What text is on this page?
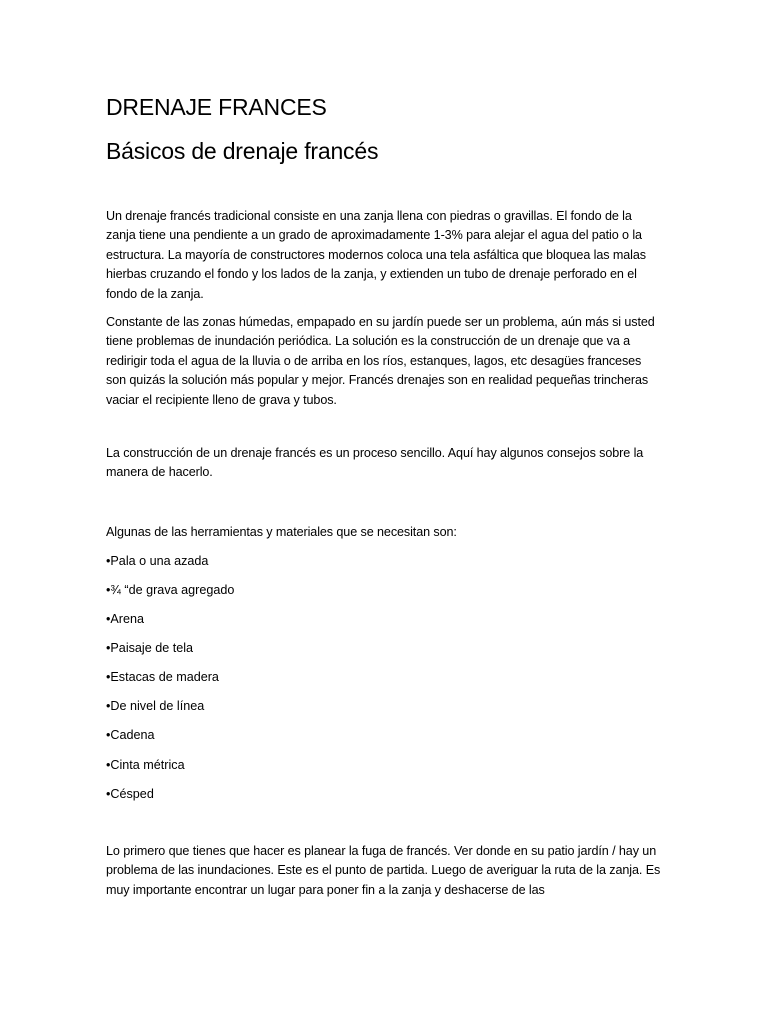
DRENAJE FRANCES
Básicos de drenaje francés

Un drenaje francés tradicional consiste en una zanja llena con piedras o gravillas. El fondo de la zanja tiene una pendiente a un grado de aproximadamente 1-3% para alejar el agua del patio o la estructura. La mayoría de constructores modernos coloca una tela asfáltica que bloquea las malas hierbas cruzando el fondo y los lados de la zanja, y extienden un tubo de drenaje perforado en el fondo de la zanja.

Constante de las zonas húmedas, empapado en su jardín puede ser un problema, aún más si usted tiene problemas de inundación periódica. La solución es la construcción de un drenaje que va a redirigir toda el agua de la lluvia o de arriba en los ríos, estanques, lagos, etc desagües franceses son quizás la solución más popular y mejor. Francés drenajes son en realidad pequeñas trincheras vaciar el recipiente lleno de grava y tubos.

La construcción de un drenaje francés es un proceso sencillo. Aquí hay algunos consejos sobre la manera de hacerlo.

Algunas de las herramientas y materiales que se necesitan son:

•Pala o una azada

•¾ “de grava agregado

•Arena

•Paisaje de tela

•Estacas de madera

•De nivel de línea

•Cadena

•Cinta métrica

•Césped

Lo primero que tienes que hacer es planear la fuga de francés. Ver donde en su patio jardín / hay un problema de las inundaciones. Este es el punto de partida. Luego de averiguar la ruta de la zanja. Es muy importante encontrar un lugar para poner fin a la zanja y deshacerse de las
